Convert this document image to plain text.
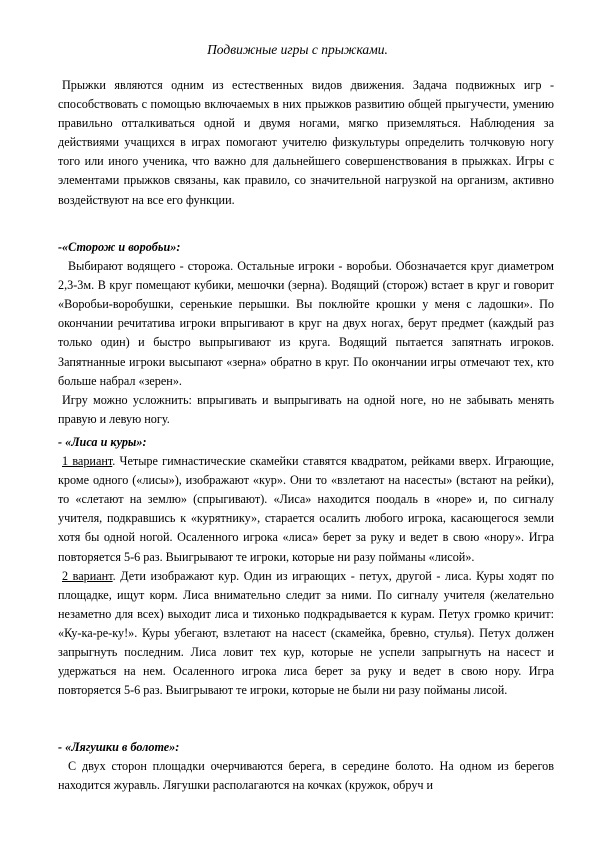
Подвижные игры с прыжками.

Прыжки являются одним из естественных видов движения. Задача подвижных игр - способствовать с помощью включаемых в них прыжков развитию общей прыгучести, умению правильно отталкиваться одной и двумя ногами, мягко приземляться. Наблюдения за действиями учащихся в играх помогают учителю физкультуры определить толчковую ногу того или иного ученика, что важно для дальнейшего совершенствования в прыжках. Игры с элементами прыжков связаны, как правило, со значительной нагрузкой на организм, активно воздействуют на все его функции.

-«Сторож и воробьи»:

Выбирают водящего - сторожа. Остальные игроки - воробьи. Обозначается круг диаметром 2,3-3м. В круг помещают кубики, мешочки (зерна). Водящий (сторож) встает в круг и говорит «Воробьи-воробушки, серенькие перышки. Вы поклюйте крошки у меня с ладошки». По окончании речитатива игроки впрыгивают в круг на двух ногах, берут предмет (каждый раз только один) и быстро выпрыгивают из круга. Водящий пытается запятнать игроков. Запятнанные игроки высыпают «зерна» обратно в круг. По окончании игры отмечают тех, кто больше набрал «зерен».

Игру можно усложнить: впрыгивать и выпрыгивать на одной ноге, но не забывать менять правую и левую ногу.

- «Лиса и куры»:

1 вариант. Четыре гимнастические скамейки ставятся квадратом, рейками вверх. Играющие, кроме одного («лисы»), изображают «кур». Они то «взлетают на насесты» (встают на рейки), то «слетают на землю» (спрыгивают). «Лиса» находится поодаль в «норе» и, по сигналу учителя, подкравшись к «курятнику», старается осалить любого игрока, касающегося земли хотя бы одной ногой. Осаленного игрока «лиса» берет за руку и ведет в свою «нору». Игра повторяется 5-6 раз. Выигрывают те игроки, которые ни разу пойманы «лисой».

2 вариант. Дети изображают кур. Один из играющих - петух, другой - лиса. Куры ходят по площадке, ищут корм. Лиса внимательно следит за ними. По сигналу учителя (желательно незаметно для всех) выходит лиса и тихонько подкрадывается к курам. Петух громко кричит: «Ку-ка-ре-ку!». Куры убегают, взлетают на насест (скамейка, бревно, стулья). Петух должен запрыгнуть последним. Лиса ловит тех кур, которые не успели запрыгнуть на насест и удержаться на нем. Осаленного игрока лиса берет за руку и ведет в свою нору. Игра повторяется 5-6 раз. Выигрывают те игроки, которые не были ни разу пойманы лисой.

- «Лягушки в болоте»:

С двух сторон площадки очерчиваются берега, в середине болото. На одном из берегов находится журавль. Лягушки располагаются на кочках (кружок, обруч и
